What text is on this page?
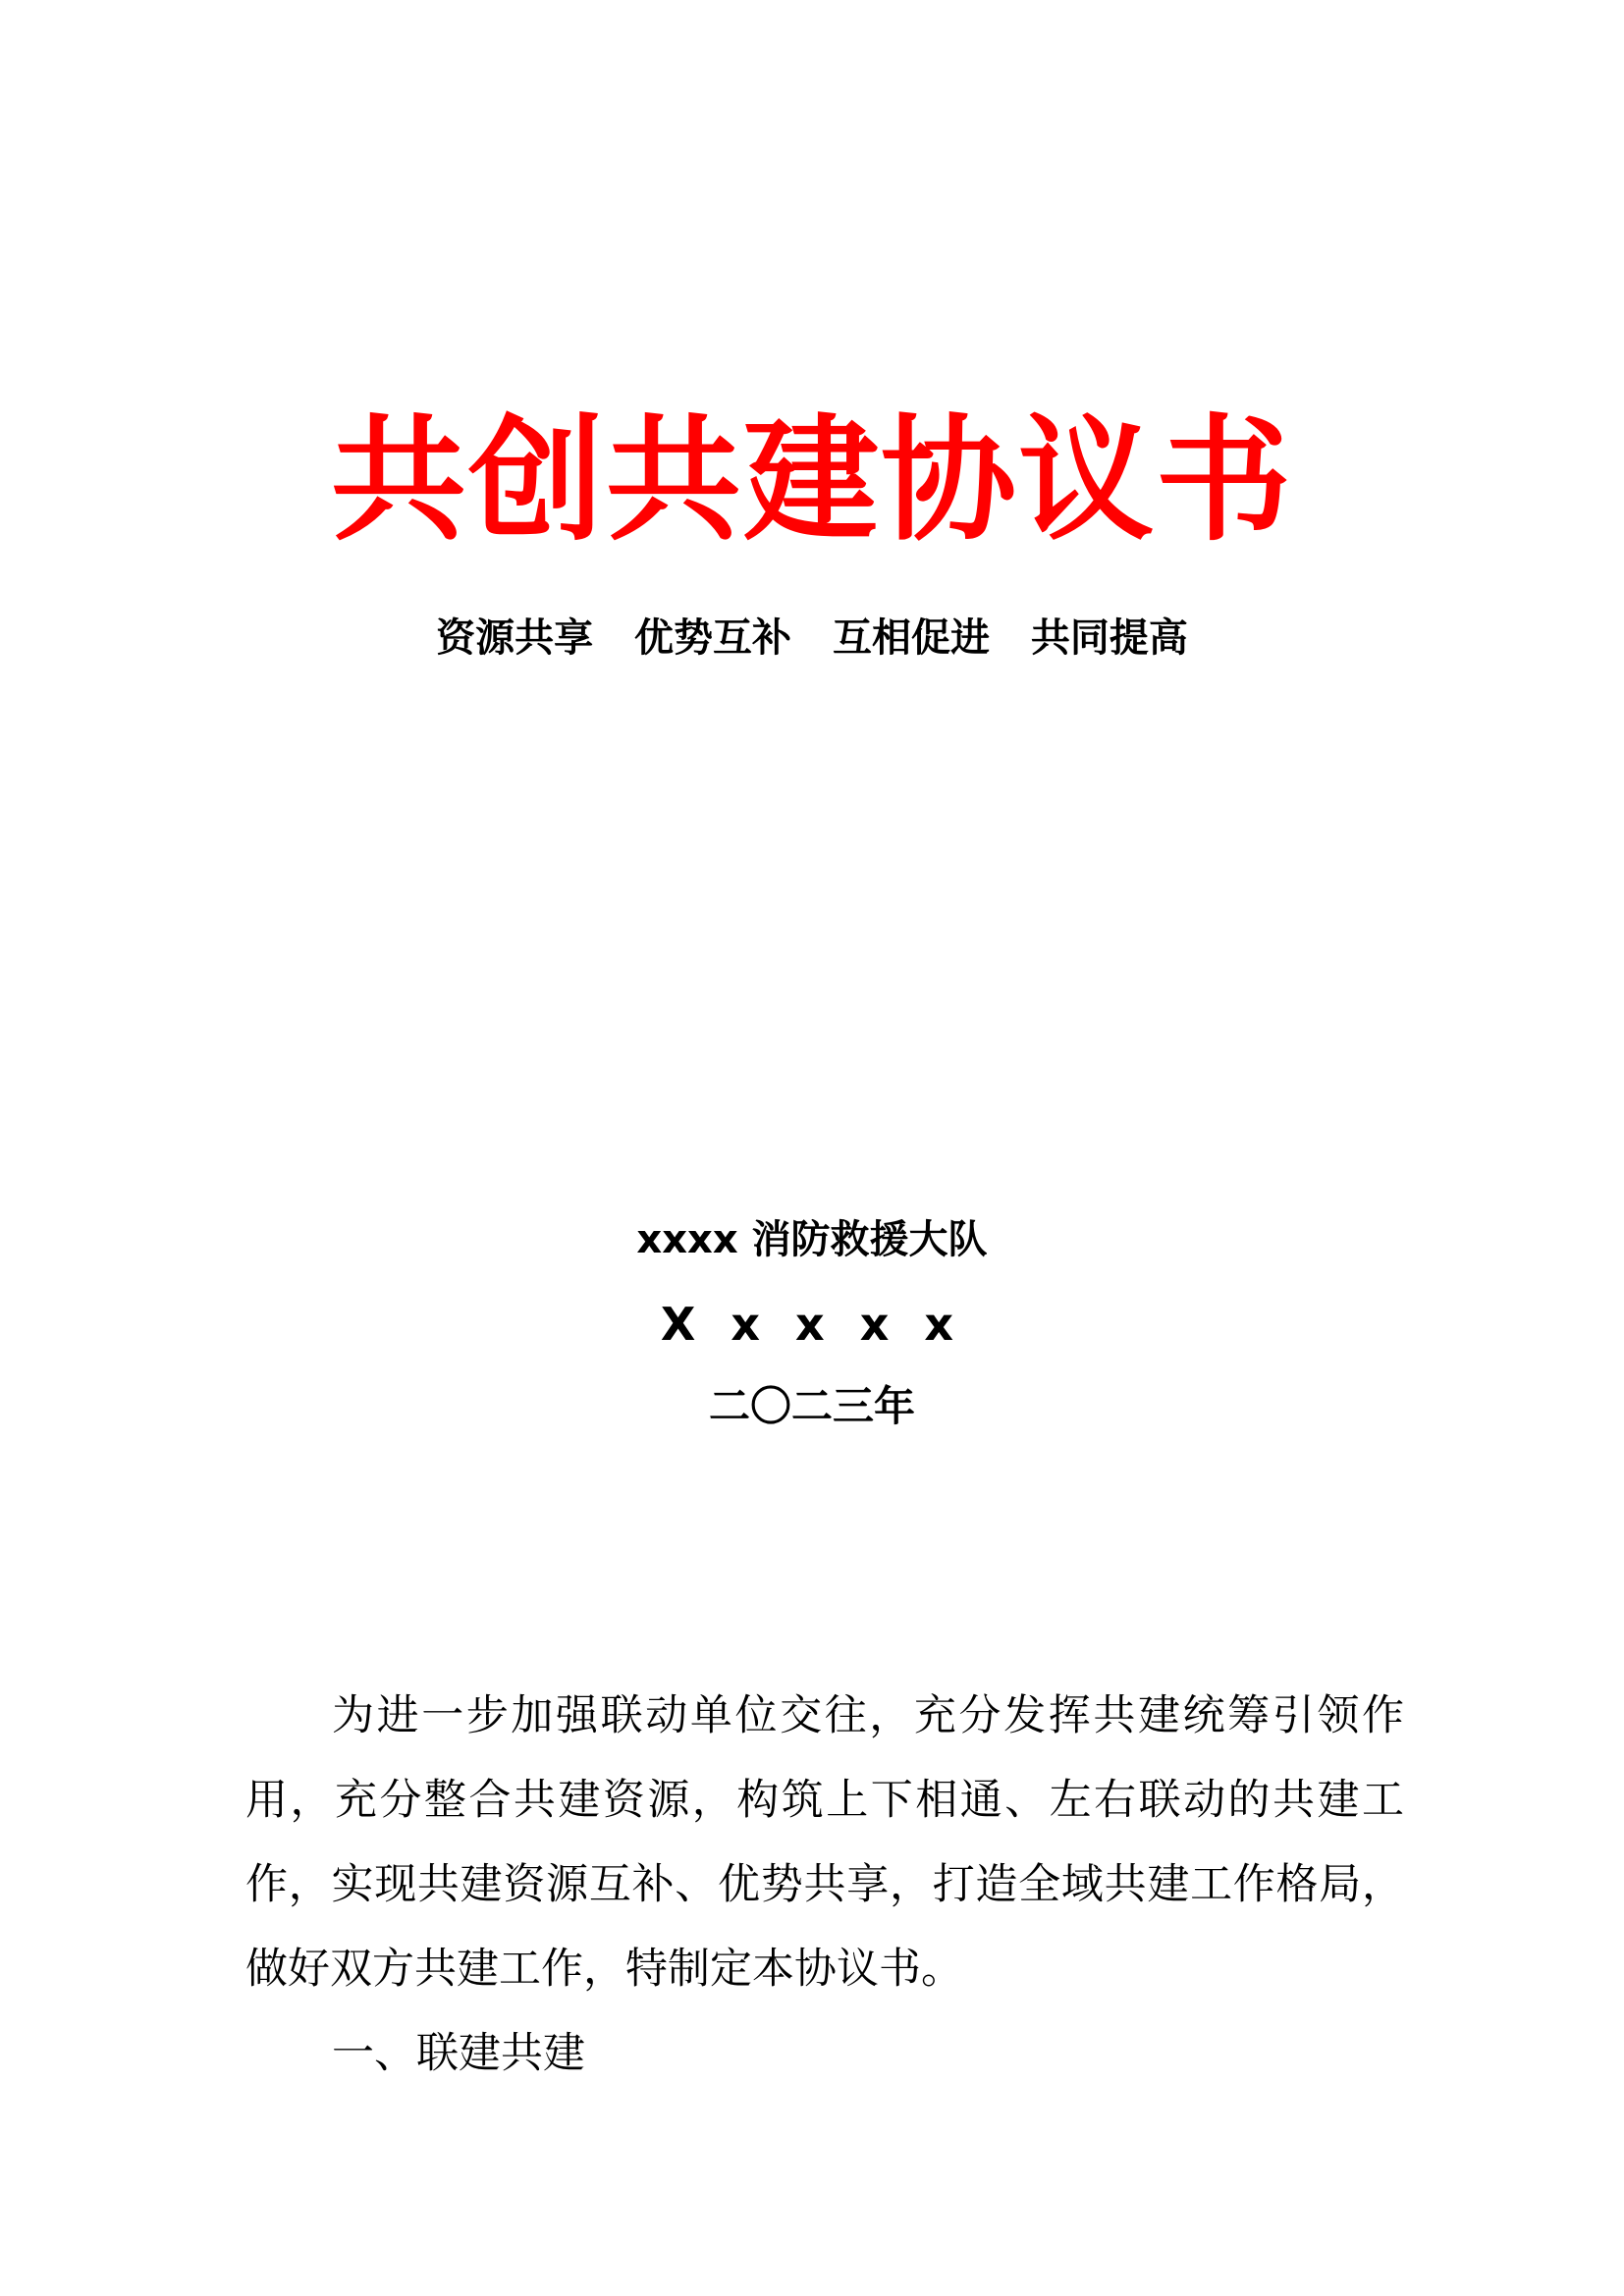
共创共建协议书
资源共享 优势互补 互相促进 共同提高

xxxx 消防救援大队

X x x x x

二〇二三年

为进一步加强联动单位交往，充分发挥共建统筹引领作用，充分整合共建资源，构筑上下相通、左右联动的共建工作，实现共建资源互补、优势共享，打造全域共建工作格局，做好双方共建工作，特制定本协议书。

一、联建共建
